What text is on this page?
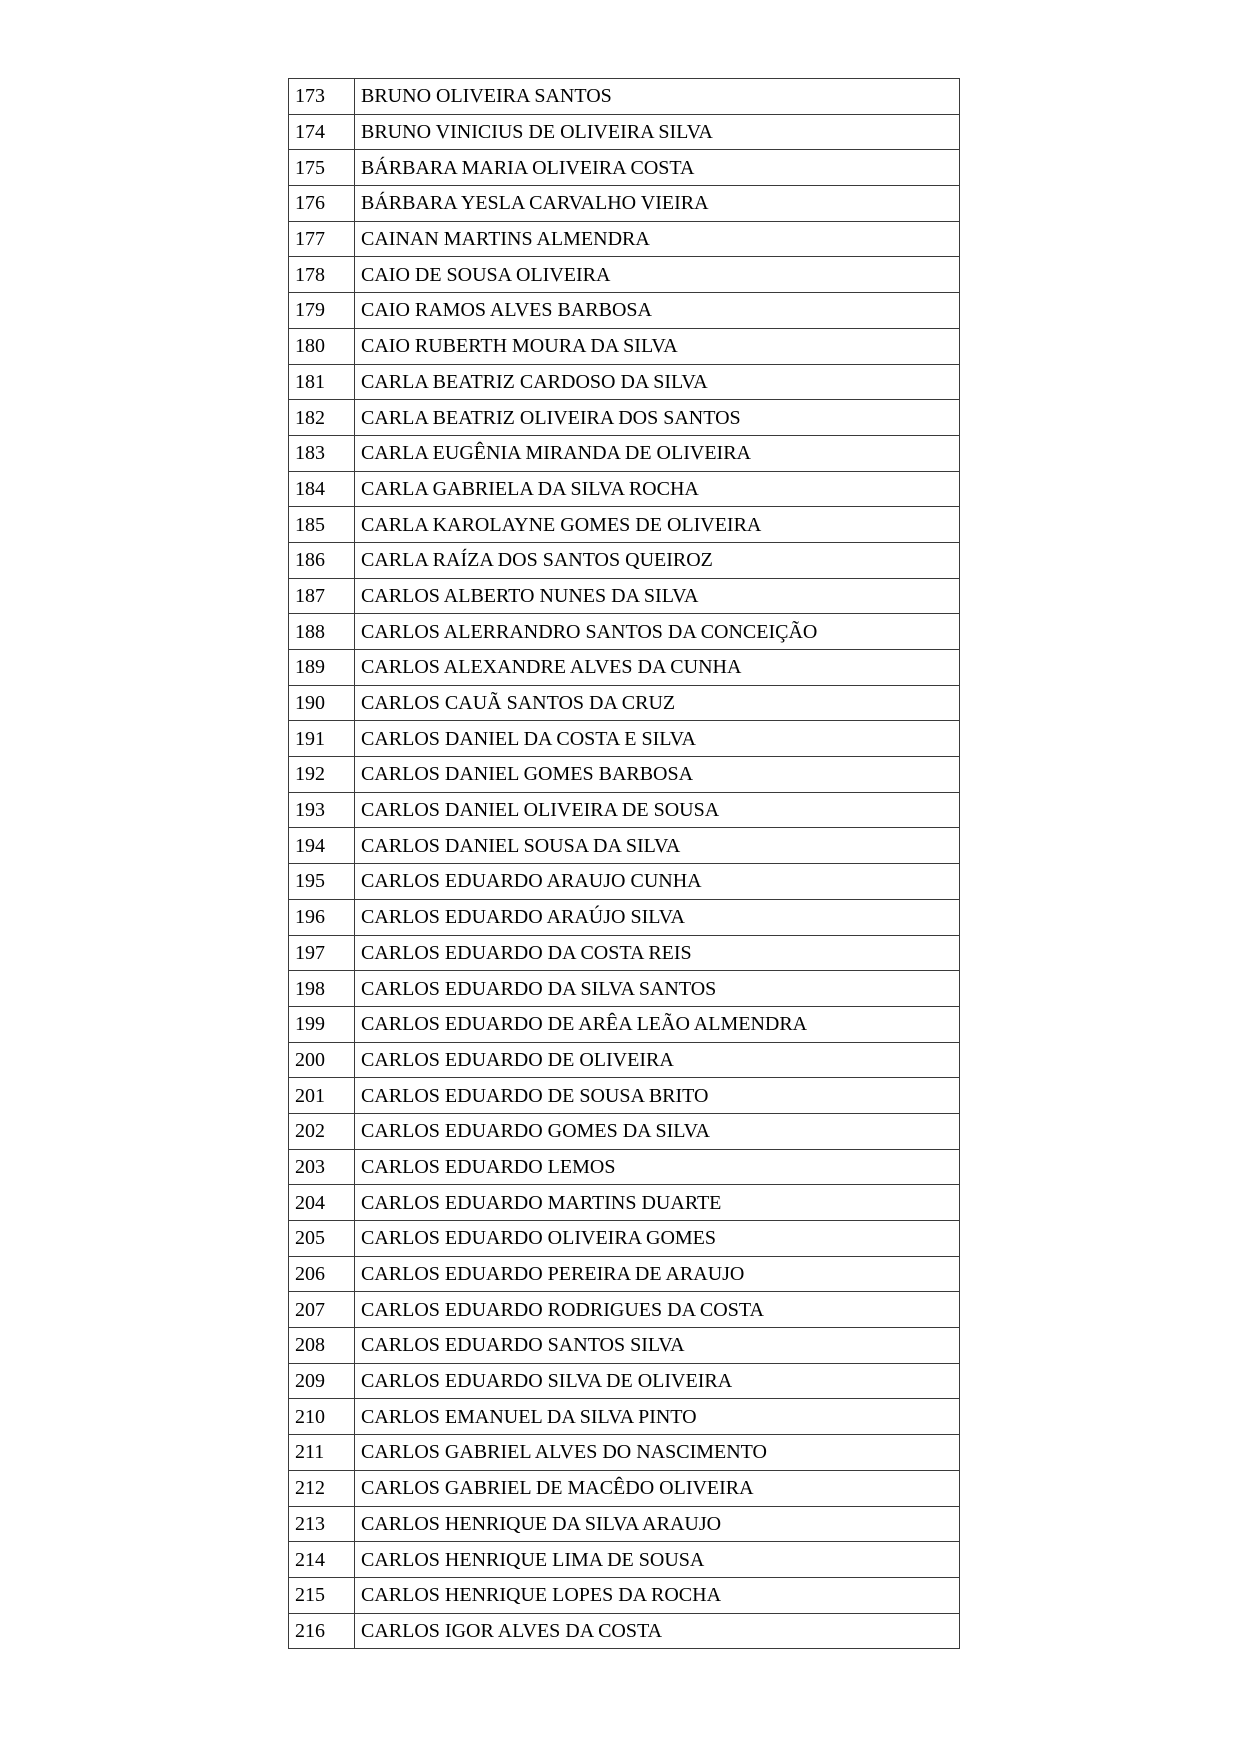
173	BRUNO OLIVEIRA SANTOS
174	BRUNO VINICIUS DE OLIVEIRA SILVA
175	BÁRBARA MARIA OLIVEIRA COSTA
176	BÁRBARA YESLA CARVALHO VIEIRA
177	CAINAN MARTINS ALMENDRA
178	CAIO DE SOUSA OLIVEIRA
179	CAIO RAMOS ALVES BARBOSA
180	CAIO RUBERTH MOURA DA SILVA
181	CARLA BEATRIZ CARDOSO DA SILVA
182	CARLA BEATRIZ OLIVEIRA DOS SANTOS
183	CARLA EUGÊNIA MIRANDA DE OLIVEIRA
184	CARLA GABRIELA DA SILVA ROCHA
185	CARLA KAROLAYNE GOMES DE OLIVEIRA
186	CARLA RAÍZA DOS SANTOS QUEIROZ
187	CARLOS ALBERTO NUNES DA SILVA
188	CARLOS ALERRANDRO SANTOS DA CONCEIÇÃO
189	CARLOS ALEXANDRE ALVES DA CUNHA
190	CARLOS CAUÃ SANTOS DA CRUZ
191	CARLOS DANIEL DA COSTA E SILVA
192	CARLOS DANIEL GOMES BARBOSA
193	CARLOS DANIEL OLIVEIRA DE SOUSA
194	CARLOS DANIEL SOUSA DA SILVA
195	CARLOS EDUARDO ARAUJO CUNHA
196	CARLOS EDUARDO ARAÚJO SILVA
197	CARLOS EDUARDO DA COSTA REIS
198	CARLOS EDUARDO DA SILVA SANTOS
199	CARLOS EDUARDO DE ARÊA LEÃO ALMENDRA
200	CARLOS EDUARDO DE OLIVEIRA
201	CARLOS EDUARDO DE SOUSA BRITO
202	CARLOS EDUARDO GOMES DA SILVA
203	CARLOS EDUARDO LEMOS
204	CARLOS EDUARDO MARTINS DUARTE
205	CARLOS EDUARDO OLIVEIRA GOMES
206	CARLOS EDUARDO PEREIRA DE ARAUJO
207	CARLOS EDUARDO RODRIGUES DA COSTA
208	CARLOS EDUARDO SANTOS SILVA
209	CARLOS EDUARDO SILVA DE OLIVEIRA
210	CARLOS EMANUEL DA SILVA PINTO
211	CARLOS GABRIEL ALVES DO NASCIMENTO
212	CARLOS GABRIEL DE MACÊDO OLIVEIRA
213	CARLOS HENRIQUE DA SILVA ARAUJO
214	CARLOS HENRIQUE LIMA DE SOUSA
215	CARLOS HENRIQUE LOPES DA ROCHA
216	CARLOS IGOR ALVES DA COSTA
